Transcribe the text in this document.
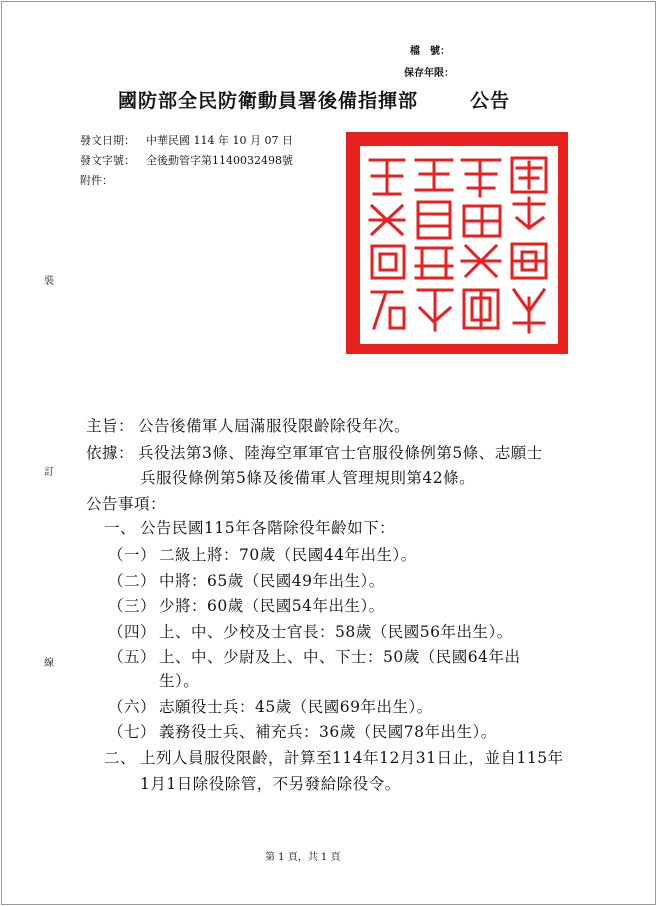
檔　號：
保存年限：
國防部全民防衛動員署後備指揮部	公告
發文日期： 中華民國 114 年 10 月 07 日
發文字號： 全後動管字第1140032498號
附件：
裝
訂
線
主旨： 公告後備軍人屆滿服役限齡除役年次。
依據： 兵役法第3條、陸海空軍軍官士官服役條例第5條、志願士
兵服役條例第5條及後備軍人管理規則第42條。
公告事項：
一、 公告民國115年各階除役年齡如下：
（一） 二級上將：70歲（民國44年出生）。
（二） 中將：65歲（民國49年出生）。
（三） 少將：60歲（民國54年出生）。
（四） 上、中、少校及士官長：58歲（民國56年出生）。
（五） 上、中、少尉及上、中、下士：50歲（民國64年出
生）。
（六） 志願役士兵：45歲（民國69年出生）。
（七） 義務役士兵、補充兵：36歲（民國78年出生）。
二、 上列人員服役限齡，計算至114年12月31日止，並自115年
1月1日除役除管，不另發給除役令。
第 1 頁，共 1 頁
